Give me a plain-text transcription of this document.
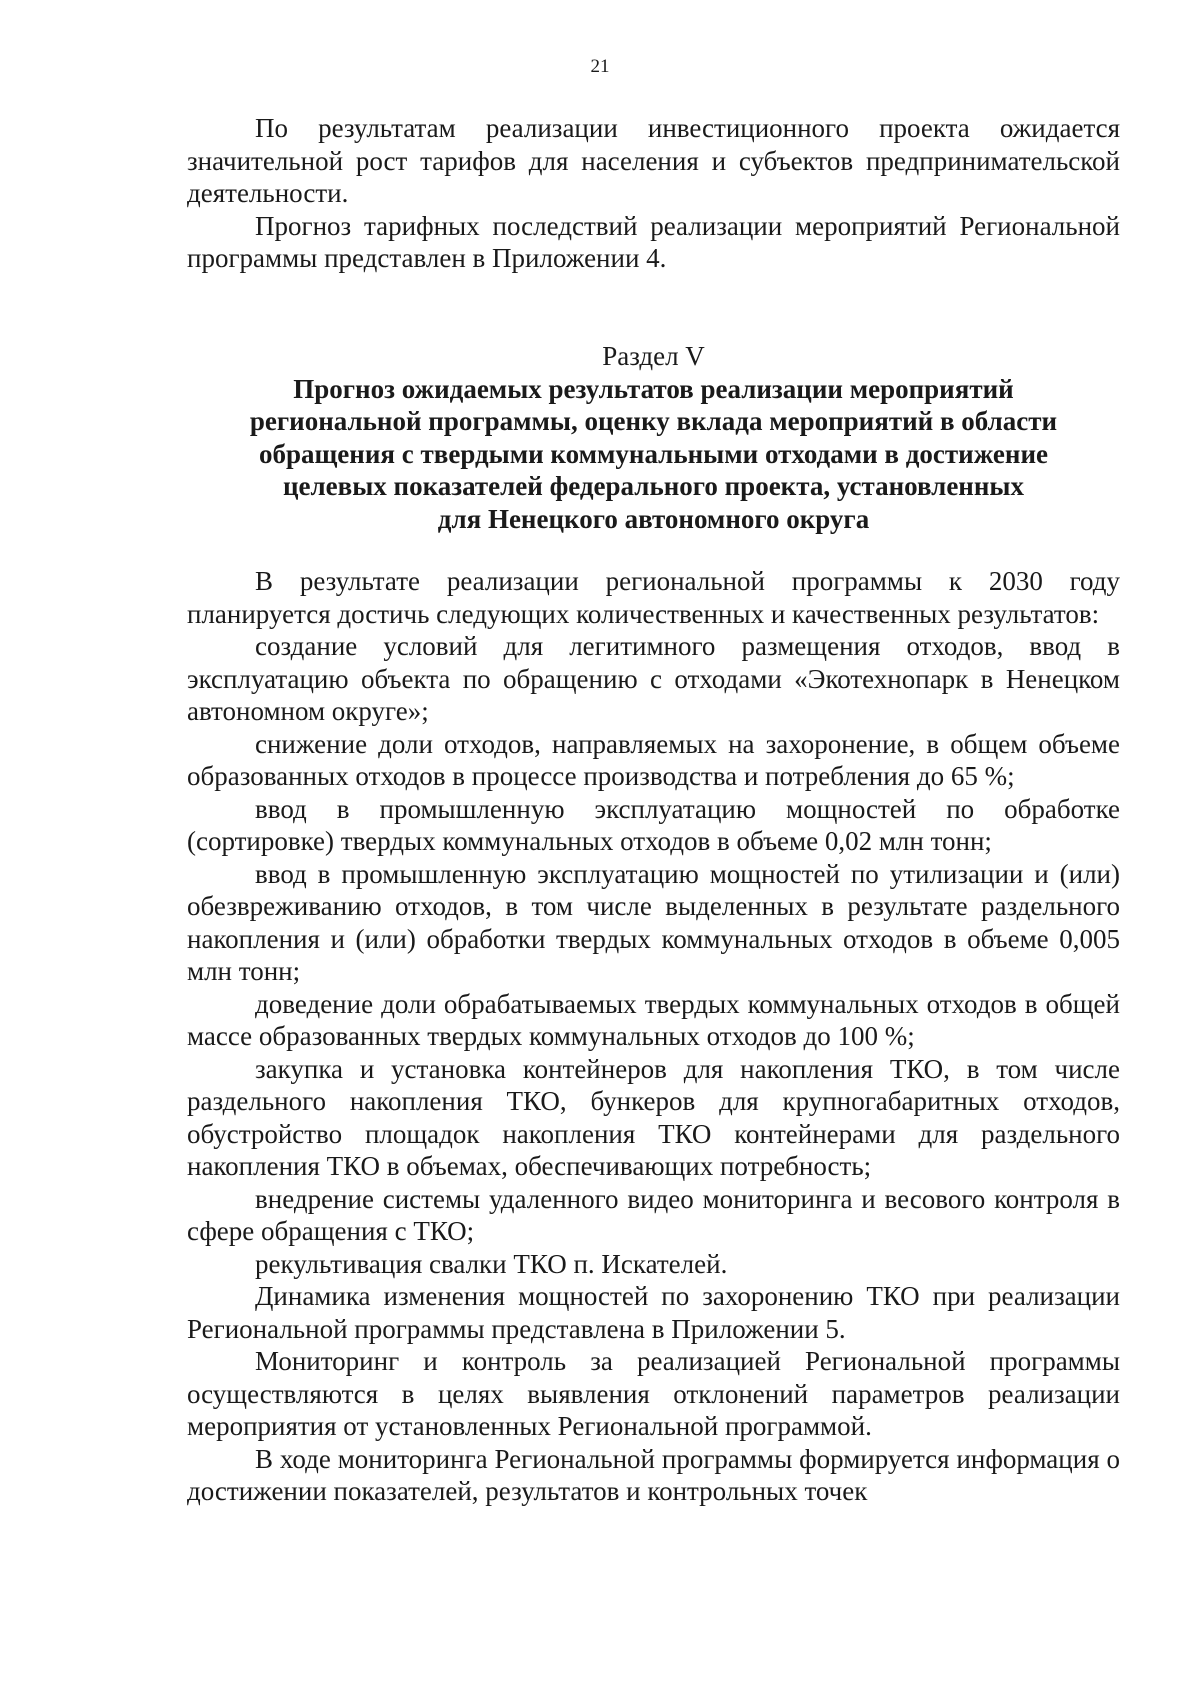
21

По результатам реализации инвестиционного проекта ожидается значительной рост тарифов для населения и субъектов предпринимательской деятельности.

Прогноз тарифных последствий реализации мероприятий Региональной программы представлен в Приложении 4.

Раздел V
Прогноз ожидаемых результатов реализации мероприятий
региональной программы, оценку вклада мероприятий в области
обращения с твердыми коммунальными отходами в достижение
целевых показателей федерального проекта, установленных
для Ненецкого автономного округа

В результате реализации региональной программы к 2030 году планируется достичь следующих количественных и качественных результатов:

создание условий для легитимного размещения отходов, ввод в эксплуатацию объекта по обращению с отходами «Экотехнопарк в Ненецком автономном округе»;

снижение доли отходов, направляемых на захоронение, в общем объеме образованных отходов в процессе производства и потребления до 65 %;

ввод в промышленную эксплуатацию мощностей по обработке (сортировке) твердых коммунальных отходов в объеме 0,02 млн тонн;

ввод в промышленную эксплуатацию мощностей по утилизации и (или) обезвреживанию отходов, в том числе выделенных в результате раздельного накопления и (или) обработки твердых коммунальных отходов в объеме 0,005 млн тонн;

доведение доли обрабатываемых твердых коммунальных отходов в общей массе образованных твердых коммунальных отходов до 100 %;

закупка и установка контейнеров для накопления ТКО, в том числе раздельного накопления ТКО, бункеров для крупногабаритных отходов, обустройство площадок накопления ТКО контейнерами для раздельного накопления ТКО в объемах, обеспечивающих потребность;

внедрение системы удаленного видео мониторинга и весового контроля в сфере обращения с ТКО;

рекультивация свалки ТКО п. Искателей.

Динамика изменения мощностей по захоронению ТКО при реализации Региональной программы представлена в Приложении 5.

Мониторинг и контроль за реализацией Региональной программы осуществляются в целях выявления отклонений параметров реализации мероприятия от установленных Региональной программой.

В ходе мониторинга Региональной программы формируется информация о достижении показателей, результатов и контрольных точек
